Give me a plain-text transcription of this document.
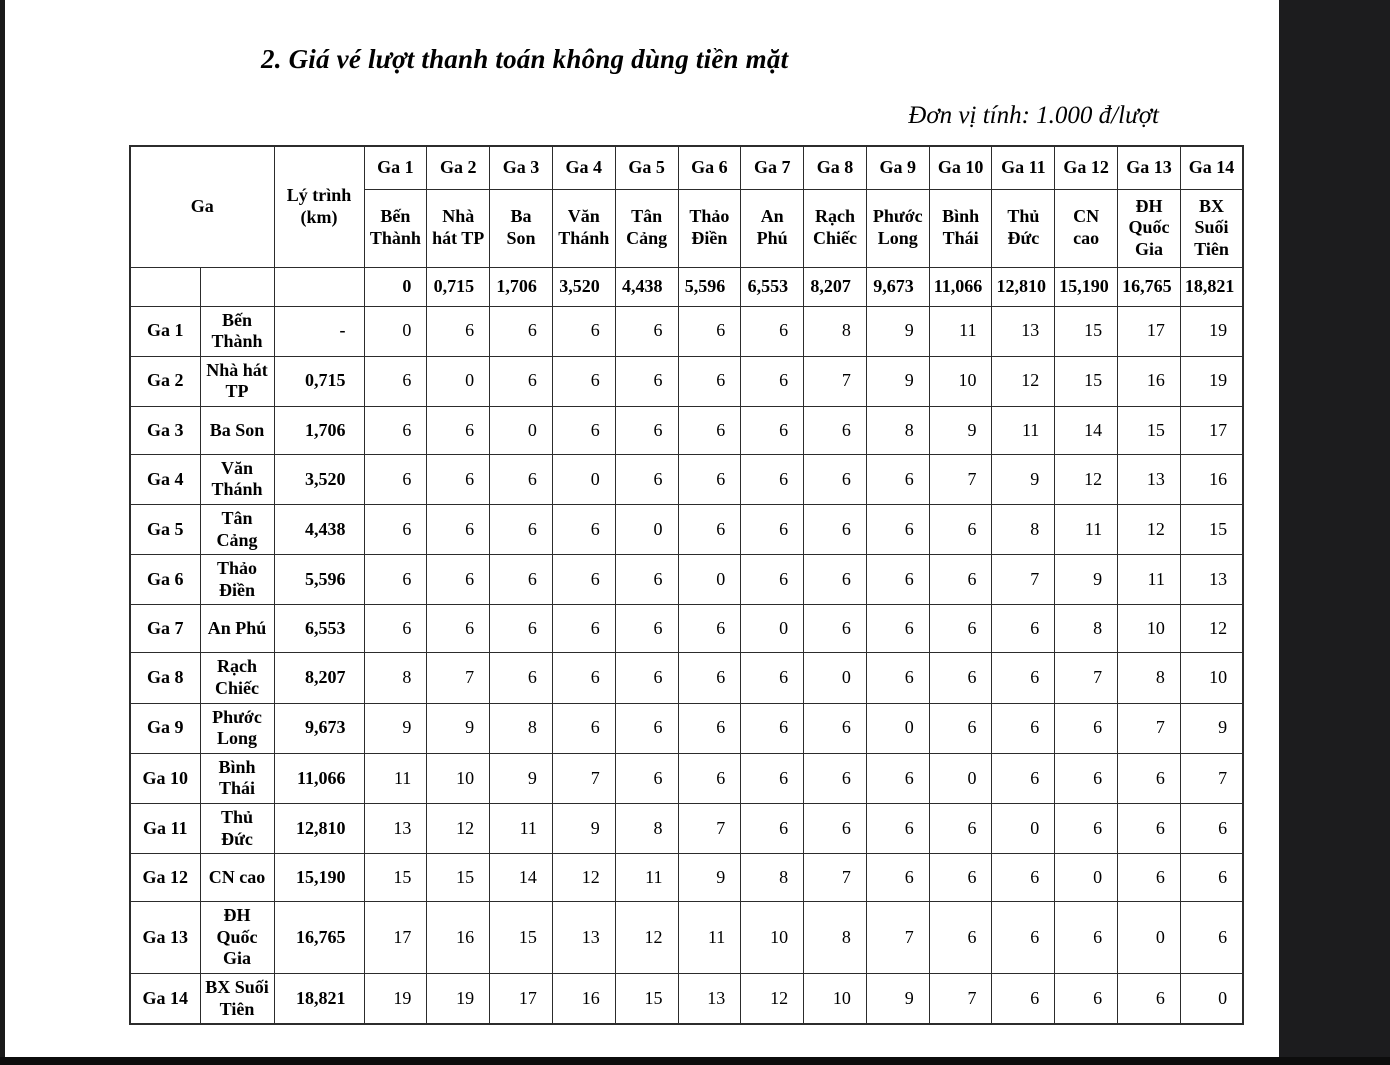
2. Giá vé lượt thanh toán không dùng tiền mặt
Đơn vị tính: 1.000 đ/lượt
Ga		Lý trình (km)	Ga 1	Ga 2	Ga 3	Ga 4	Ga 5	Ga 6	Ga 7	Ga 8	Ga 9	Ga 10	Ga 11	Ga 12	Ga 13	Ga 14
			Bến Thành	Nhà hát TP	Ba Son	Văn Thánh	Tân Cảng	Thảo Điền	An Phú	Rạch Chiếc	Phước Long	Bình Thái	Thủ Đức	CN cao	ĐH Quốc Gia	BX Suối Tiên
			0	0,715	1,706	3,520	4,438	5,596	6,553	8,207	9,673	11,066	12,810	15,190	16,765	18,821
Ga 1	Bến Thành	-	0	6	6	6	6	6	6	8	9	11	13	15	17	19
Ga 2	Nhà hát TP	0,715	6	0	6	6	6	6	6	7	9	10	12	15	16	19
Ga 3	Ba Son	1,706	6	6	0	6	6	6	6	6	8	9	11	14	15	17
Ga 4	Văn Thánh	3,520	6	6	6	0	6	6	6	6	6	7	9	12	13	16
Ga 5	Tân Cảng	4,438	6	6	6	6	0	6	6	6	6	6	8	11	12	15
Ga 6	Thảo Điền	5,596	6	6	6	6	6	0	6	6	6	6	7	9	11	13
Ga 7	An Phú	6,553	6	6	6	6	6	6	0	6	6	6	6	8	10	12
Ga 8	Rạch Chiếc	8,207	8	7	6	6	6	6	6	0	6	6	6	7	8	10
Ga 9	Phước Long	9,673	9	9	8	6	6	6	6	6	0	6	6	6	7	9
Ga 10	Bình Thái	11,066	11	10	9	7	6	6	6	6	6	0	6	6	6	7
Ga 11	Thủ Đức	12,810	13	12	11	9	8	7	6	6	6	6	0	6	6	6
Ga 12	CN cao	15,190	15	15	14	12	11	9	8	7	6	6	6	0	6	6
Ga 13	ĐH Quốc Gia	16,765	17	16	15	13	12	11	10	8	7	6	6	6	0	6
Ga 14	BX Suối Tiên	18,821	19	19	17	16	15	13	12	10	9	7	6	6	6	0
